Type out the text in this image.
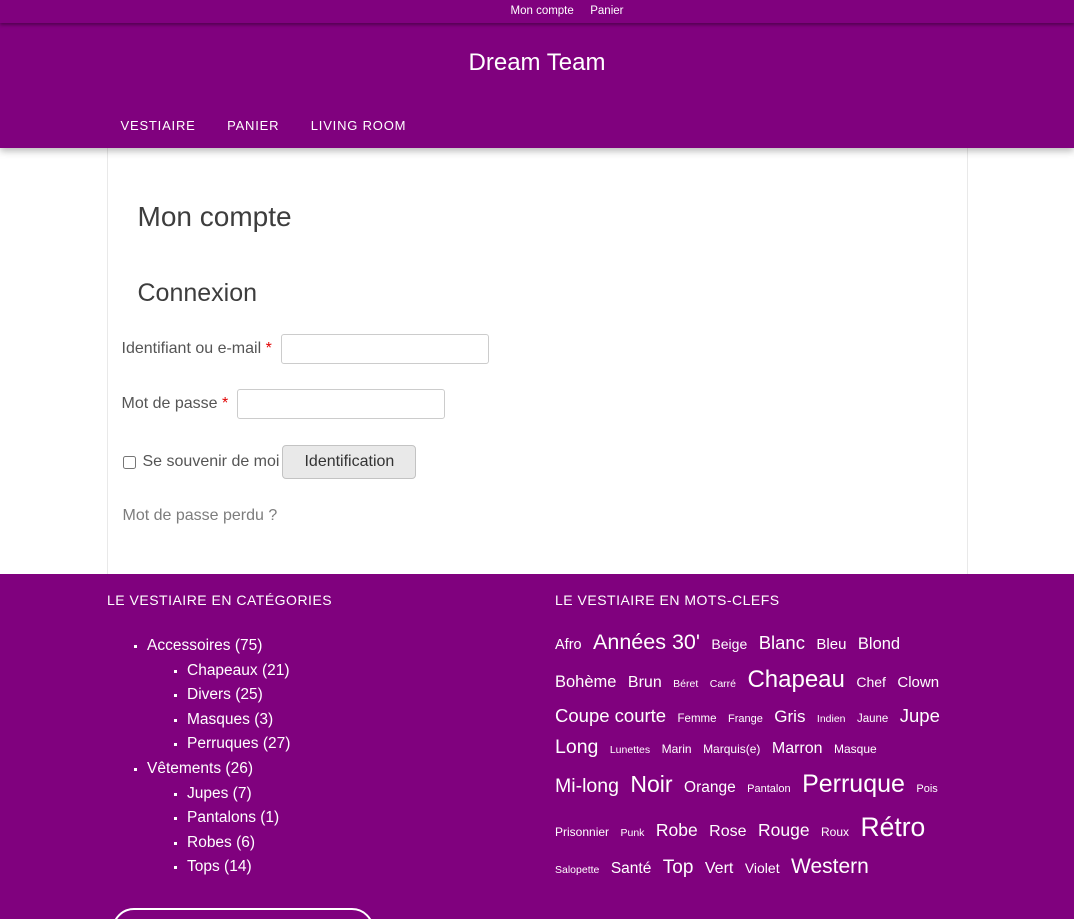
Mon compte Panier
Dream Team
VESTIAIRE PANIER LIVING ROOM
Mon compte
Connexion
Identifiant ou e-mail *
Mot de passe *
Se souvenir de moi	Identification
Mot de passe perdu ?
LE VESTIAIRE EN CATÉGORIES
▪ Accessoires (75)
▪ Chapeaux (21)
▪ Divers (25)
▪ Masques (3)
▪ Perruques (27)
▪ Vêtements (26)
▪ Jupes (7)
▪ Pantalons (1)
▪ Robes (6)
▪ Tops (14)
LE VESTIAIRE EN MOTS-CLEFS
Afro Années 30' Beige Blanc Bleu Blond Bohème Brun Béret Carré Chapeau Chef Clown Coupe courte Femme Frange Gris Indien Jaune Jupe Long Lunettes Marin Marquis(e) Marron Masque Mi-long Noir Orange Pantalon Perruque Pois Prisonnier Punk Robe Rose Rouge Roux Rétro Salopette Santé Top Vert Violet Western
